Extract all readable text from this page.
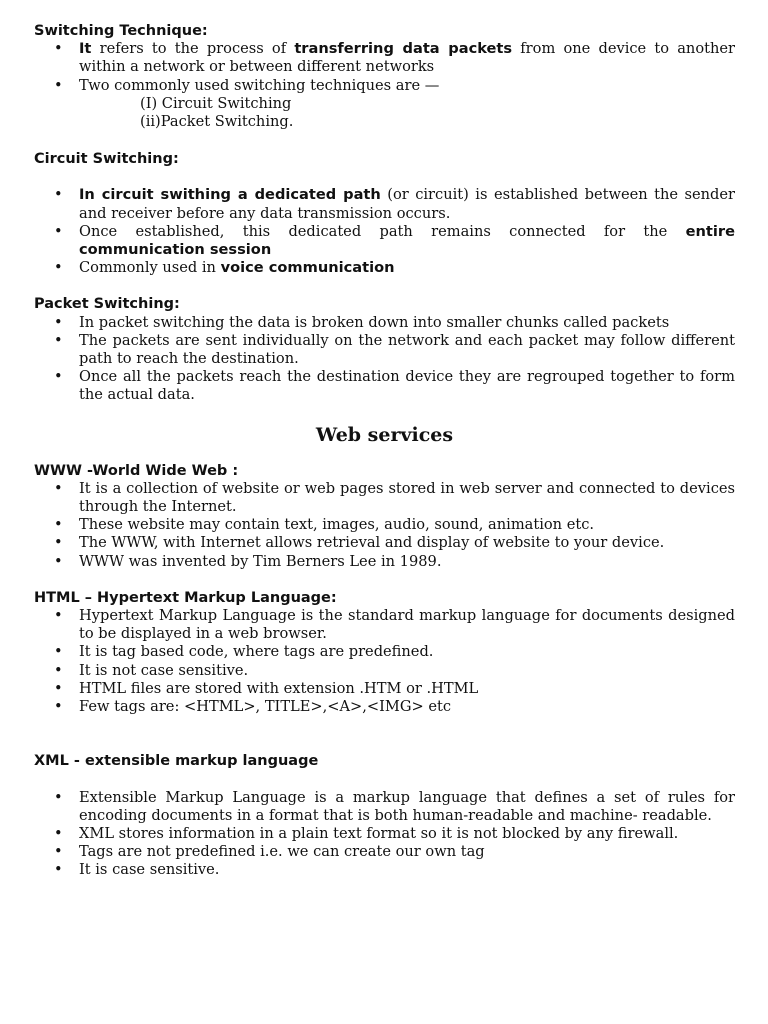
Switching Technique:
• It refers to the process of transferring data packets from one device to another within a network or between different networks
• Two commonly used switching techniques are —
(I) Circuit Switching
(ii)Packet Switching.
Circuit Switching:
• In circuit swithing a dedicated path (or circuit) is established between the sender and receiver before any data transmission occurs.
• Once established, this dedicated path remains connected for the entire communication session
• Commonly used in voice communication
Packet Switching:
• In packet switching the data is broken down into smaller chunks called packets
• The packets are sent individually on the network and each packet may follow different path to reach the destination.
• Once all the packets reach the destination device they are regrouped together to form the actual data.
Web services
WWW -World Wide Web :
• It is a collection of website or web pages stored in web server and connected to devices through the Internet.
• These website may contain text, images, audio, sound, animation etc.
• The WWW, with Internet allows retrieval and display of website to your device.
• WWW was invented by Tim Berners Lee in 1989.
HTML – Hypertext Markup Language:
• Hypertext Markup Language is the standard markup language for documents designed to be displayed in a web browser.
• It is tag based code, where tags are predefined.
• It is not case sensitive.
• HTML files are stored with extension .HTM or .HTML
• Few tags are: <HTML>, TITLE>,<A>,<IMG> etc
XML - extensible markup language
• Extensible Markup Language is a markup language that defines a set of rules for encoding documents in a format that is both human-readable and machine- readable.
• XML stores information in a plain text format so it is not blocked by any firewall.
• Tags are not predefined i.e. we can create our own tag
• It is case sensitive.
